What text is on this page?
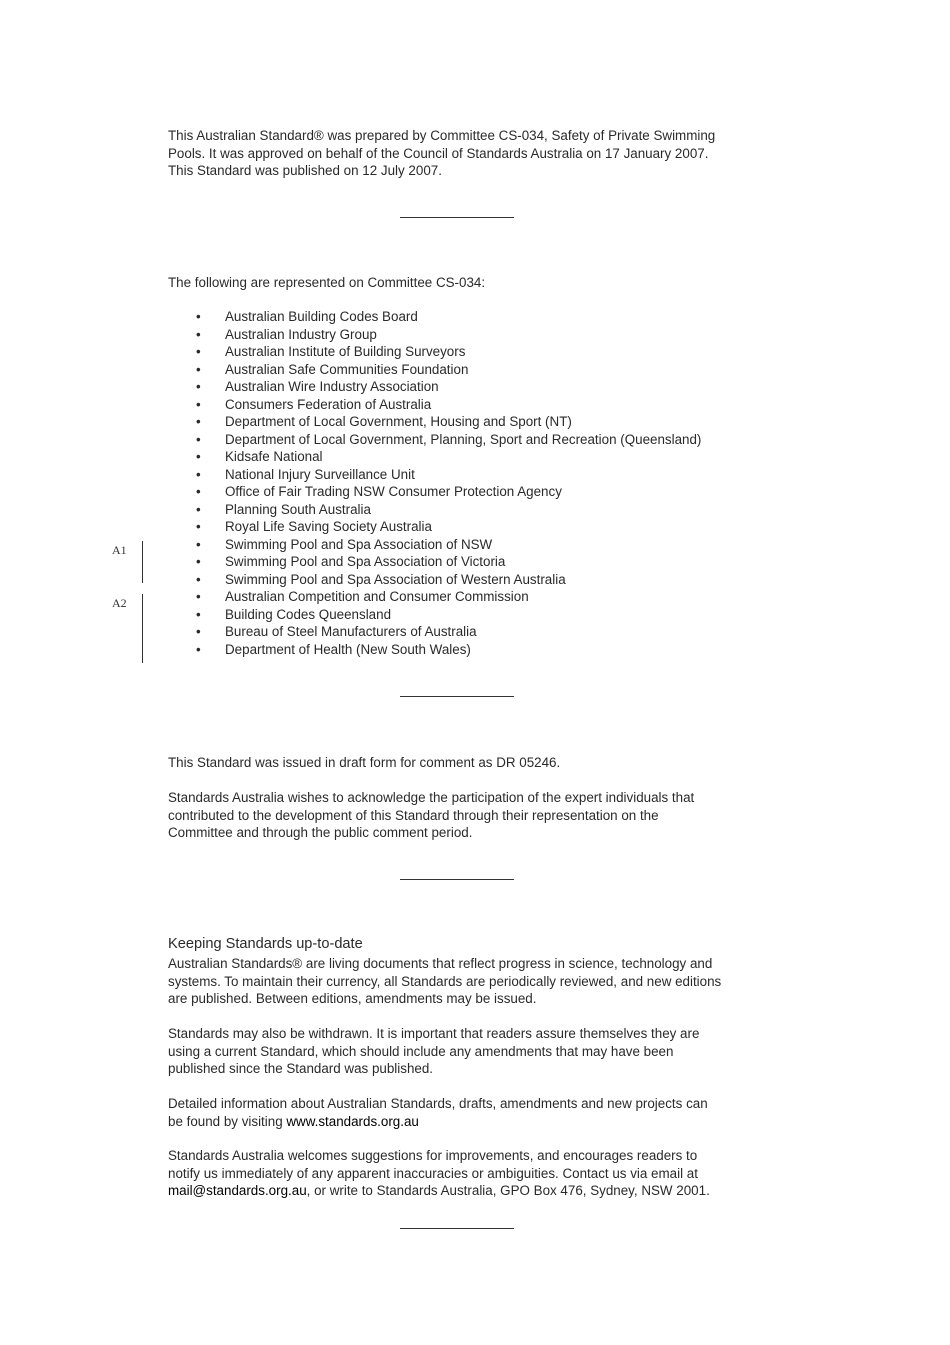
This Australian Standard® was prepared by Committee CS-034, Safety of Private Swimming
Pools. It was approved on behalf of the Council of Standards Australia on 17 January 2007.
This Standard was published on 12 July 2007.

The following are represented on Committee CS-034:

• Australian Building Codes Board
• Australian Industry Group
• Australian Institute of Building Surveyors
• Australian Safe Communities Foundation
• Australian Wire Industry Association
• Consumers Federation of Australia
• Department of Local Government, Housing and Sport (NT)
• Department of Local Government, Planning, Sport and Recreation (Queensland)
• Kidsafe National
• National Injury Surveillance Unit
• Office of Fair Trading NSW Consumer Protection Agency
• Planning South Australia
• Royal Life Saving Society Australia
• Swimming Pool and Spa Association of NSW
• Swimming Pool and Spa Association of Victoria
• Swimming Pool and Spa Association of Western Australia
• Australian Competition and Consumer Commission
• Building Codes Queensland
• Bureau of Steel Manufacturers of Australia
• Department of Health (New South Wales)
A1
A2

This Standard was issued in draft form for comment as DR 05246.

Standards Australia wishes to acknowledge the participation of the expert individuals that
contributed to the development of this Standard through their representation on the
Committee and through the public comment period.

Keeping Standards up-to-date

Australian Standards® are living documents that reflect progress in science, technology and
systems. To maintain their currency, all Standards are periodically reviewed, and new editions
are published. Between editions, amendments may be issued.

Standards may also be withdrawn. It is important that readers assure themselves they are
using a current Standard, which should include any amendments that may have been
published since the Standard was published.

Detailed information about Australian Standards, drafts, amendments and new projects can
be found by visiting www.standards.org.au

Standards Australia welcomes suggestions for improvements, and encourages readers to
notify us immediately of any apparent inaccuracies or ambiguities. Contact us via email at
mail@standards.org.au, or write to Standards Australia, GPO Box 476, Sydney, NSW 2001.
